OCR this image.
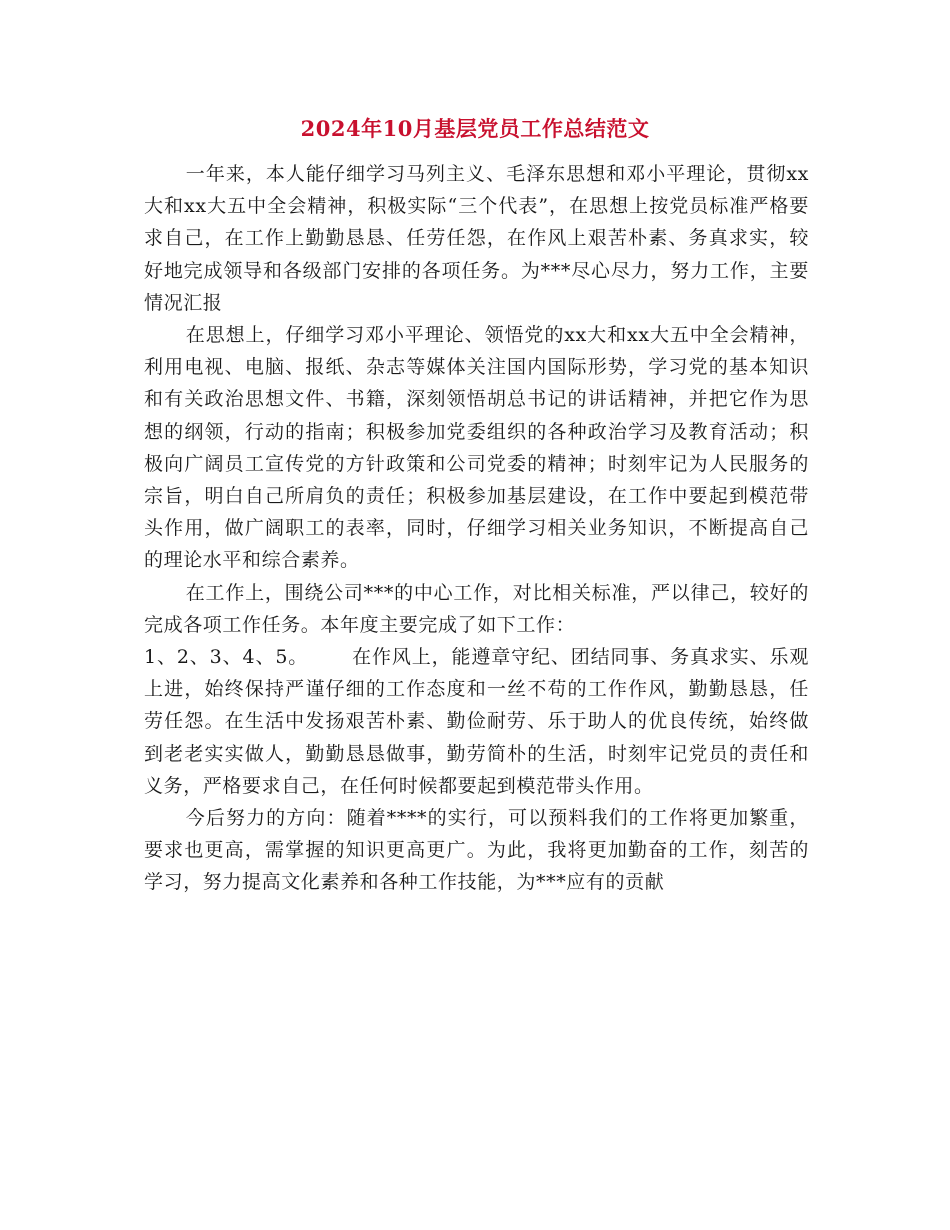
2024年10月基层党员工作总结范文

一年来，本人能仔细学习马列主义、毛泽东思想和邓小平理论，贯彻xx大和xx大五中全会精神，积极实际“三个代表”，在思想上按党员标准严格要求自己，在工作上勤勤恳恳、任劳任怨，在作风上艰苦朴素、务真求实，较好地完成领导和各级部门安排的各项任务。为***尽心尽力，努力工作，主要情况汇报

在思想上，仔细学习邓小平理论、领悟党的xx大和xx大五中全会精神，利用电视、电脑、报纸、杂志等媒体关注国内国际形势，学习党的基本知识和有关政治思想文件、书籍，深刻领悟胡总书记的讲话精神，并把它作为思想的纲领，行动的指南；积极参加党委组织的各种政治学习及教育活动；积极向广阔员工宣传党的方针政策和公司党委的精神；时刻牢记为人民服务的宗旨，明白自己所肩负的责任；积极参加基层建设，在工作中要起到模范带头作用，做广阔职工的表率，同时，仔细学习相关业务知识，不断提高自己的理论水平和综合素养。

在工作上，围绕公司***的中心工作，对比相关标准，严以律己，较好的完成各项工作任务。本年度主要完成了如下工作：

1、2、3、4、5。 在作风上，能遵章守纪、团结同事、务真求实、乐观上进，始终保持严谨仔细的工作态度和一丝不苟的工作作风，勤勤恳恳，任劳任怨。在生活中发扬艰苦朴素、勤俭耐劳、乐于助人的优良传统，始终做到老老实实做人，勤勤恳恳做事，勤劳简朴的生活，时刻牢记党员的责任和义务，严格要求自己，在任何时候都要起到模范带头作用。

今后努力的方向：随着****的实行，可以预料我们的工作将更加繁重，要求也更高，需掌握的知识更高更广。为此，我将更加勤奋的工作，刻苦的学习，努力提高文化素养和各种工作技能，为***应有的贡献
